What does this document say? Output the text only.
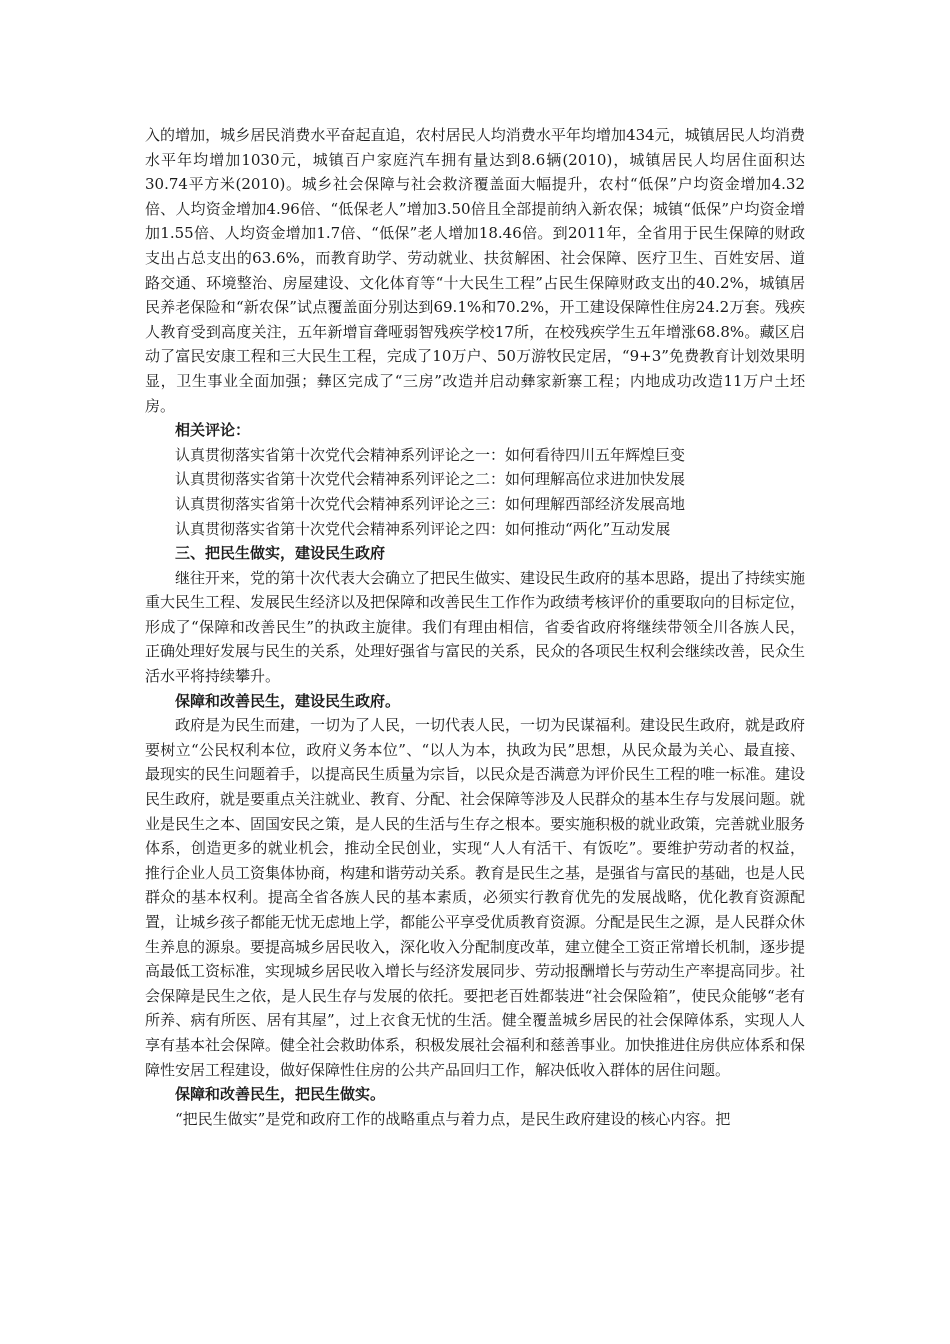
入的增加，城乡居民消费水平奋起直追，农村居民人均消费水平年均增加434元，城镇居民人均消费水平年均增加1030元，城镇百户家庭汽车拥有量达到8.6辆(2010)，城镇居民人均居住面积达30.74平方米(2010)。城乡社会保障与社会救济覆盖面大幅提升，农村“低保”户均资金增加4.32倍、人均资金增加4.96倍、“低保老人”增加3.50倍且全部提前纳入新农保；城镇“低保”户均资金增加1.55倍、人均资金增加1.7倍、“低保”老人增加18.46倍。到2011年，全省用于民生保障的财政支出占总支出的63.6%，而教育助学、劳动就业、扶贫解困、社会保障、医疗卫生、百姓安居、道路交通、环境整治、房屋建设、文化体育等“十大民生工程”占民生保障财政支出的40.2%，城镇居民养老保险和“新农保”试点覆盖面分别达到69.1%和70.2%，开工建设保障性住房24.2万套。残疾人教育受到高度关注，五年新增盲聋哑弱智残疾学校17所，在校残疾学生五年增涨68.8%。藏区启动了富民安康工程和三大民生工程，完成了10万户、50万游牧民定居，“9+3”免费教育计划效果明显，卫生事业全面加强；彝区完成了“三房”改造并启动彝家新寨工程；内地成功改造11万户土坯房。

相关评论：

认真贯彻落实省第十次党代会精神系列评论之一：如何看待四川五年辉煌巨变

认真贯彻落实省第十次党代会精神系列评论之二：如何理解高位求进加快发展

认真贯彻落实省第十次党代会精神系列评论之三：如何理解西部经济发展高地

认真贯彻落实省第十次党代会精神系列评论之四：如何推动“两化”互动发展

三、把民生做实，建设民生政府

继往开来，党的第十次代表大会确立了把民生做实、建设民生政府的基本思路，提出了持续实施重大民生工程、发展民生经济以及把保障和改善民生工作作为政绩考核评价的重要取向的目标定位，形成了“保障和改善民生”的执政主旋律。我们有理由相信，省委省政府将继续带领全川各族人民，正确处理好发展与民生的关系，处理好强省与富民的关系，民众的各项民生权利会继续改善，民众生活水平将持续攀升。

保障和改善民生，建设民生政府。

政府是为民生而建，一切为了人民，一切代表人民，一切为民谋福利。建设民生政府，就是政府要树立“公民权利本位，政府义务本位”、“以人为本，执政为民”思想，从民众最为关心、最直接、最现实的民生问题着手，以提高民生质量为宗旨，以民众是否满意为评价民生工程的唯一标准。建设民生政府，就是要重点关注就业、教育、分配、社会保障等涉及人民群众的基本生存与发展问题。就业是民生之本、固国安民之策，是人民的生活与生存之根本。要实施积极的就业政策，完善就业服务体系，创造更多的就业机会，推动全民创业，实现“人人有活干、有饭吃”。要维护劳动者的权益，推行企业人员工资集体协商，构建和谐劳动关系。教育是民生之基，是强省与富民的基础，也是人民群众的基本权利。提高全省各族人民的基本素质，必须实行教育优先的发展战略，优化教育资源配置，让城乡孩子都能无忧无虑地上学，都能公平享受优质教育资源。分配是民生之源，是人民群众休生养息的源泉。要提高城乡居民收入，深化收入分配制度改革，建立健全工资正常增长机制，逐步提高最低工资标准，实现城乡居民收入增长与经济发展同步、劳动报酬增长与劳动生产率提高同步。社会保障是民生之依，是人民生存与发展的依托。要把老百姓都装进“社会保险箱”，使民众能够“老有所养、病有所医、居有其屋”，过上衣食无忧的生活。健全覆盖城乡居民的社会保障体系，实现人人享有基本社会保障。健全社会救助体系，积极发展社会福利和慈善事业。加快推进住房供应体系和保障性安居工程建设，做好保障性住房的公共产品回归工作，解决低收入群体的居住问题。

保障和改善民生，把民生做实。

“把民生做实”是党和政府工作的战略重点与着力点，是民生政府建设的核心内容。把
